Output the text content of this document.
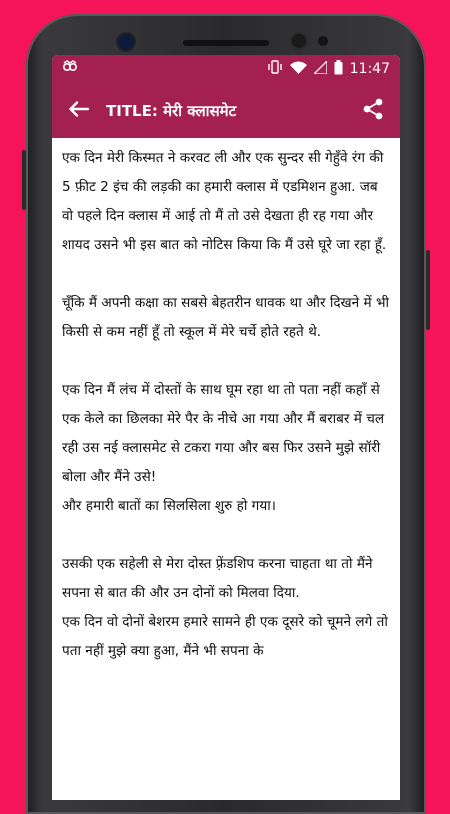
11:47
TITLE: मेरी क्लासमेट

एक दिन मेरी किस्मत ने करवट ली और एक सुन्दर सी गेहुँवे रंग की 5 फ़ीट 2 इंच की लड़की का हमारी क्लास में एडमिशन हुआ. जब वो पहले दिन क्लास में आई तो मैं तो उसे देखता ही रह गया और शायद उसने भी इस बात को नोटिस किया कि मैं उसे घूरे जा रहा हूँ.

चूँकि मैं अपनी कक्षा का सबसे बेहतरीन धावक था और दिखने में भी किसी से कम नहीं हूँ तो स्कूल में मेरे चर्चे होते रहते थे.

एक दिन मैं लंच में दोस्तों के साथ घूम रहा था तो पता नहीं कहाँ से एक केले का छिलका मेरे पैर के नीचे आ गया और मैं बराबर में चल रही उस नई क्लासमेट से टकरा गया और बस फिर उसने मुझे सॉरी बोला और मैंने उसे!
और हमारी बातों का सिलसिला शुरु हो गया।

उसकी एक सहेली से मेरा दोस्त फ़्रेंडशिप करना चाहता था तो मैंने सपना से बात की और उन दोनों को मिलवा दिया.
एक दिन वो दोनों बेशरम हमारे सामने ही एक दूसरे को चूमने लगे तो पता नहीं मुझे क्या हुआ, मैंने भी सपना के
